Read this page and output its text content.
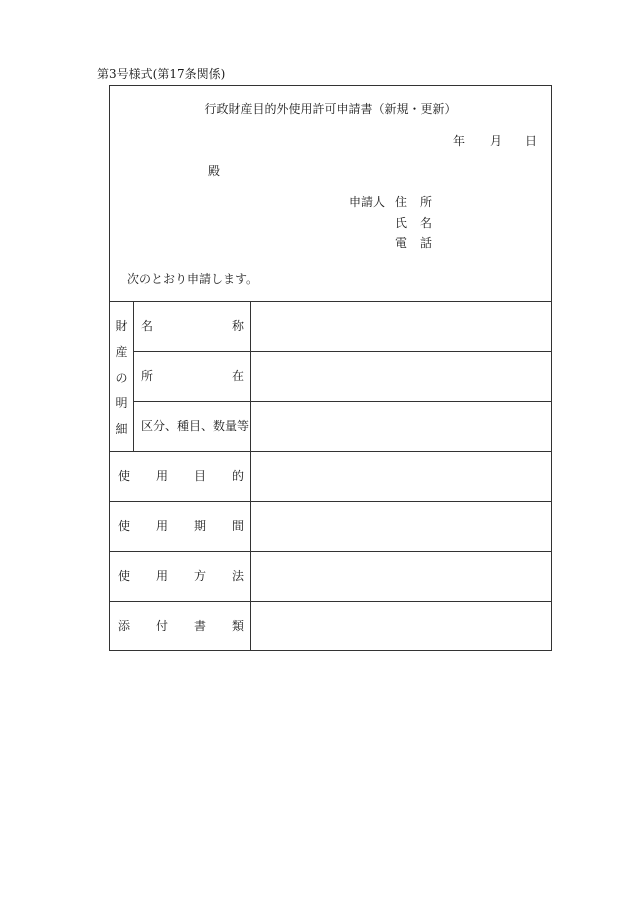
第3号様式(第17条関係)
行政財産目的外使用許可申請書（新規・更新）
年 月 日
殿
申請人 住 所
氏 名
電 話
次のとおり申請します。
財
産
の
明
細
名	称
所	在
区分、種目、数量等
使 用 目 的
使 用 期 間
使 用 方 法
添 付 書 類
